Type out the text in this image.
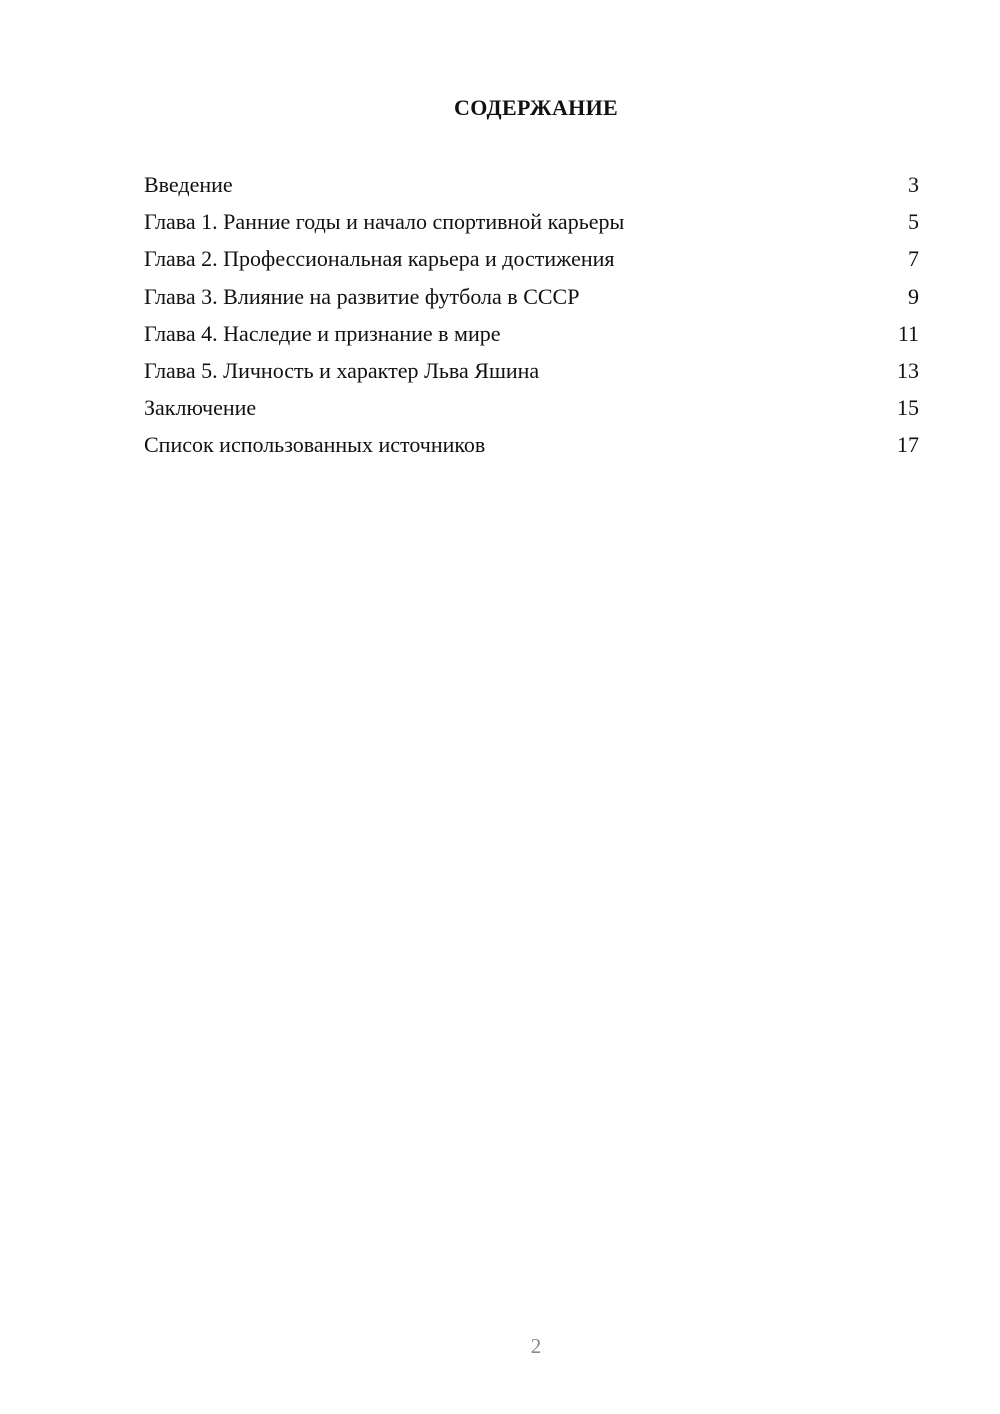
СОДЕРЖАНИЕ
Введение	3
Глава 1. Ранние годы и начало спортивной карьеры	5
Глава 2. Профессиональная карьера и достижения	7
Глава 3. Влияние на развитие футбола в СССР	9
Глава 4. Наследие и признание в мире	11
Глава 5. Личность и характер Льва Яшина	13
Заключение	15
Список использованных источников	17
2
